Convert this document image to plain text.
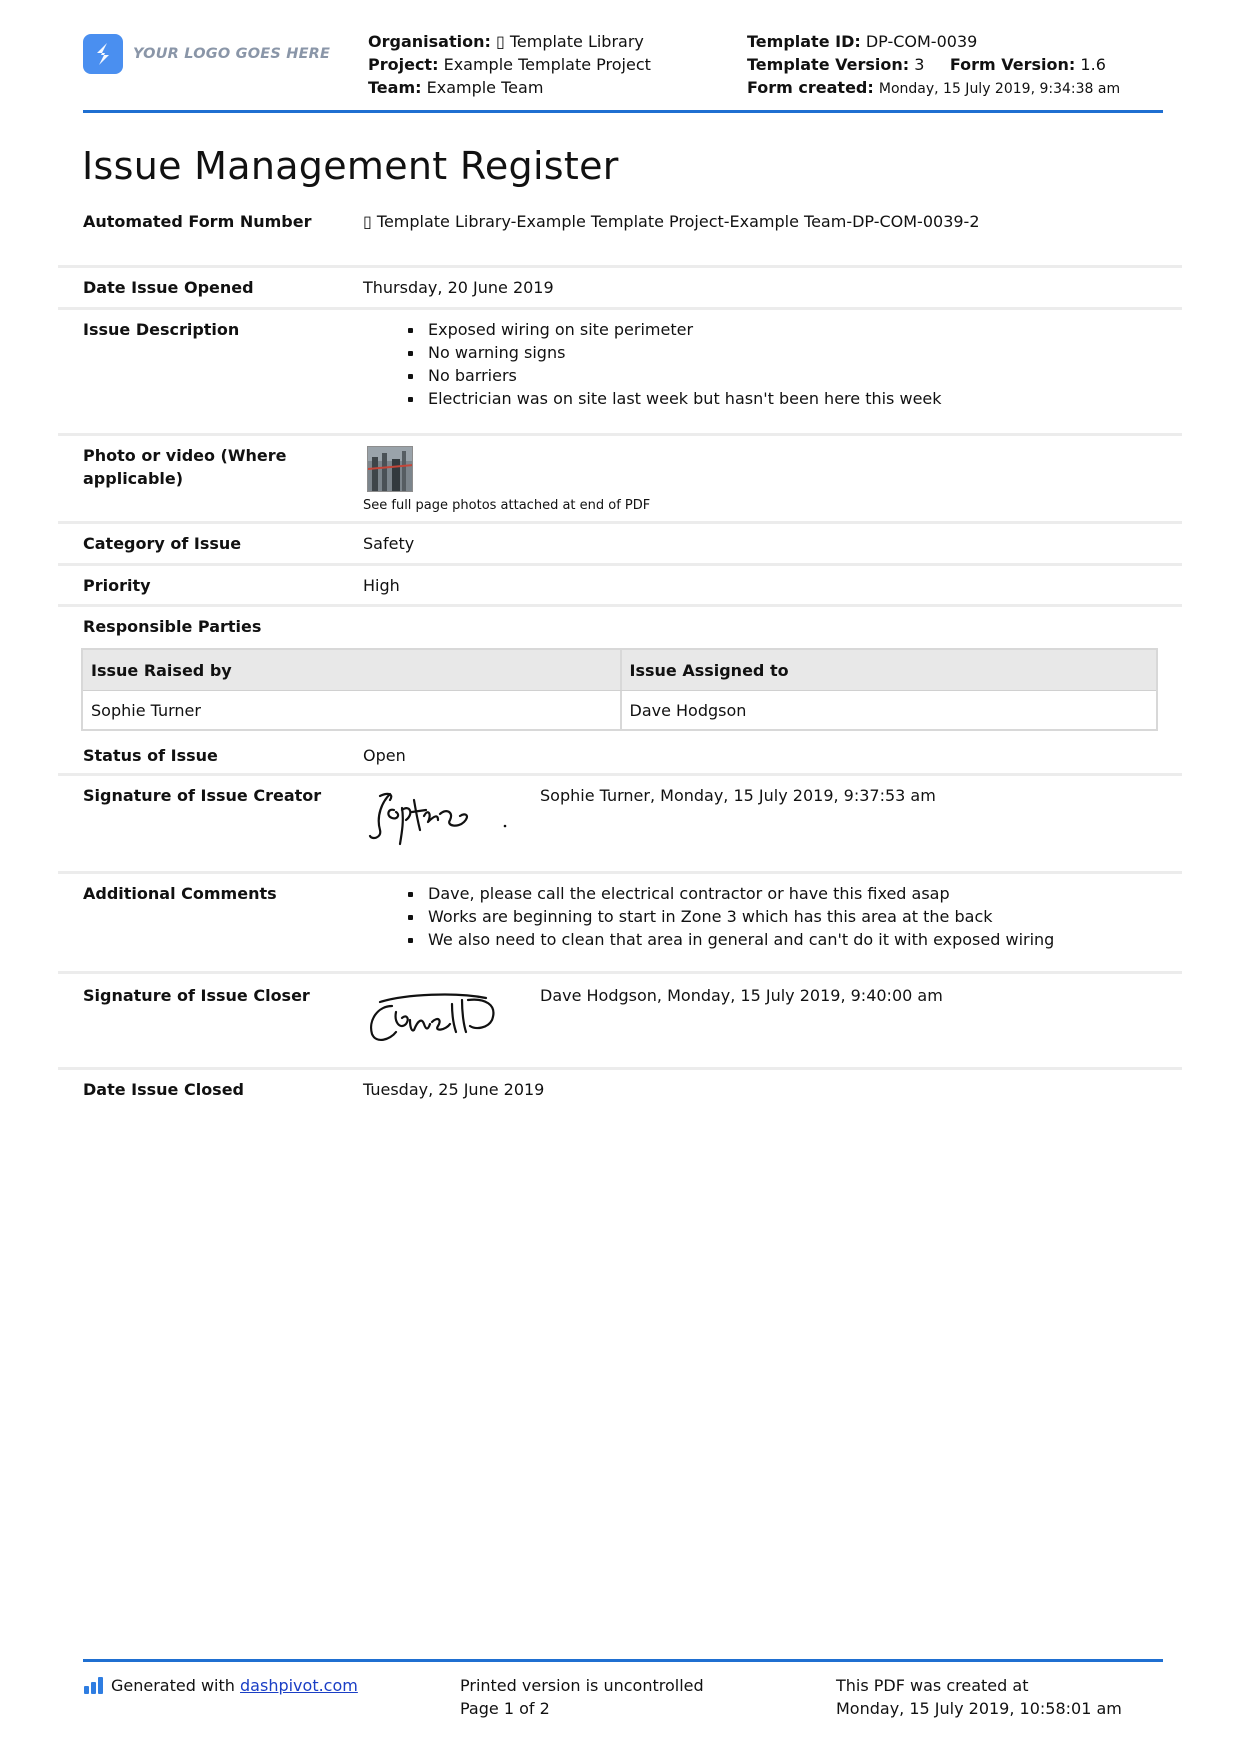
YOUR LOGO GOES HERE
Organisation: ▯ Template Library
Project: Example Template Project
Team: Example Team
Template ID: DP-COM-0039
Template Version: 3 Form Version: 1.6
Form created: Monday, 15 July 2019, 9:34:38 am
Issue Management Register
Automated Form Number	▯ Template Library-Example Template Project-Example Team-DP-COM-0039-2
Date Issue Opened	Thursday, 20 June 2019
Issue Description	Exposed wiring on site perimeter
No warning signs
No barriers
Electrician was on site last week but hasn't been here this week
Photo or video (Where applicable)
See full page photos attached at end of PDF
Category of Issue	Safety
Priority	High
Responsible Parties
Issue Raised by	Issue Assigned to
Sophie Turner	Dave Hodgson
Status of Issue	Open
Signature of Issue Creator	Sophie Turner, Monday, 15 July 2019, 9:37:53 am
Additional Comments	Dave, please call the electrical contractor or have this fixed asap
Works are beginning to start in Zone 3 which has this area at the back
We also need to clean that area in general and can't do it with exposed wiring
Signature of Issue Closer	Dave Hodgson, Monday, 15 July 2019, 9:40:00 am
Date Issue Closed	Tuesday, 25 June 2019
Generated with dashpivot.com	Printed version is uncontrolled
Page 1 of 2
This PDF was created at
Monday, 15 July 2019, 10:58:01 am
